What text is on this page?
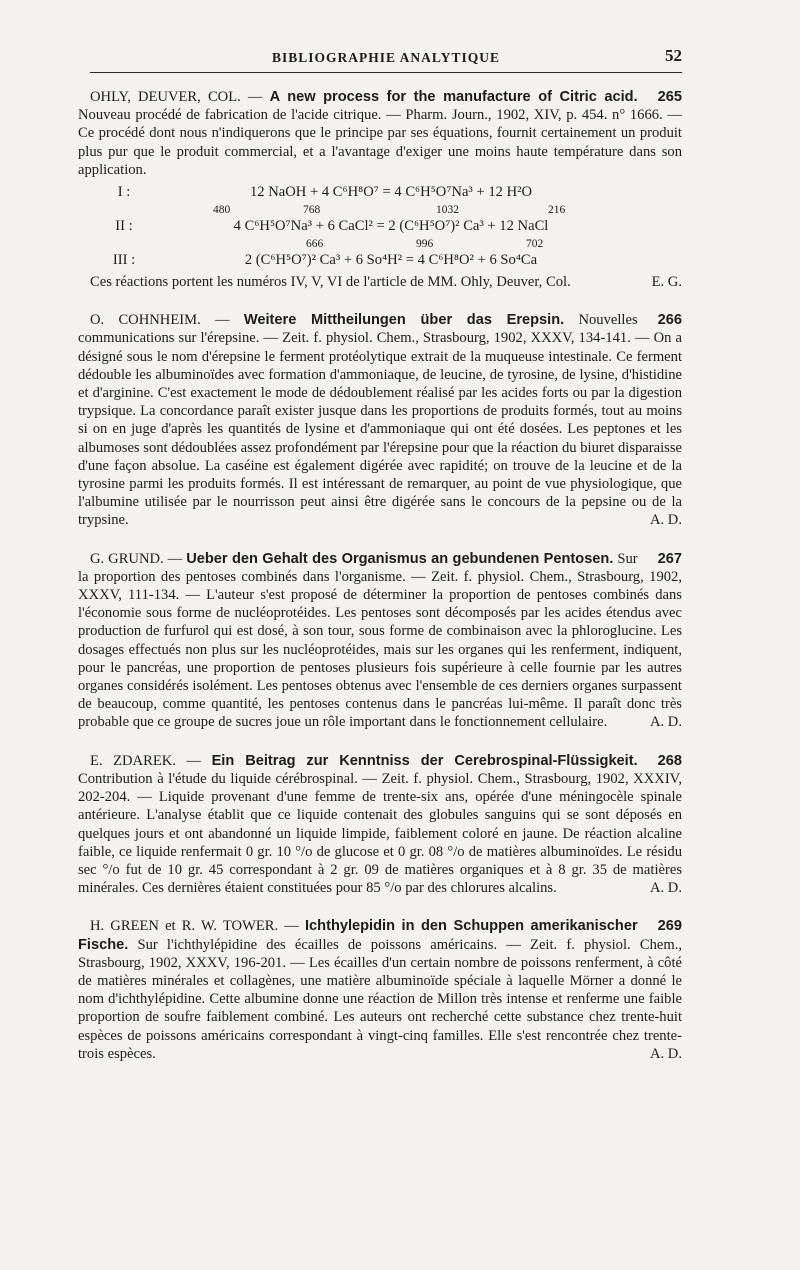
BIBLIOGRAPHIE ANALYTIQUE	52

265
OHLY, DEUVER, COL. — A new process for the manufacture of Citric acid. Nouveau procédé de fabrication de l'acide citrique. — Pharm. Journ., 1902, XIV, p. 454. n° 1666. — Ce procédé dont nous n'indiquerons que le principe par ses équations, fournit certainement un produit plus pur que le produit commercial, et a l'avantage d'exiger une moins haute température dans son application.

I :	12 NaOH + 4 C⁶H⁸O⁷ = 4 C⁶H⁵O⁷Na³ + 12 H²O
480	768	1032	216
II :	4 C⁶H⁵O⁷Na³ + 6 CaCl² = 2 (C⁶H⁵O⁷)² Ca³ + 12 NaCl
666	996	702
III :	2 (C⁶H⁵O⁷)² Ca³ + 6 So⁴H² = 4 C⁶H⁸O² + 6 So⁴Ca

Ces réactions portent les numéros IV, V, VI de l'article de MM. Ohly, Deuver, Col.	E. G.

266
O. COHNHEIM. — Weitere Mittheilungen über das Erepsin. Nouvelles communications sur l'érepsine. — Zeit. f. physiol. Chem., Strasbourg, 1902, XXXV, 134-141. — On a désigné sous le nom d'érepsine le ferment protéolytique extrait de la muqueuse intestinale. Ce ferment dédouble les albuminoïdes avec formation d'ammoniaque, de leucine, de tyrosine, de lysine, d'histidine et d'arginine. C'est exactement le mode de dédoublement réalisé par les acides forts ou par la digestion trypsique. La concordance paraît exister jusque dans les proportions de produits formés, tout au moins si on en juge d'après les quantités de lysine et d'ammoniaque qui ont été dosées. Les peptones et les albumoses sont dédoublées assez profondément par l'érepsine pour que la réaction du biuret disparaisse d'une façon absolue. La caséine est également digérée avec rapidité; on trouve de la leucine et de la tyrosine parmi les produits formés. Il est intéressant de remarquer, au point de vue physiologique, que l'albumine utilisée par le nourrisson peut ainsi être digérée sans le concours de la pepsine ou de la trypsine.	A. D.

267
G. GRUND. — Ueber den Gehalt des Organismus an gebundenen Pentosen. Sur la proportion des pentoses combinés dans l'organisme. — Zeit. f. physiol. Chem., Strasbourg, 1902, XXXV, 111-134. — L'auteur s'est proposé de déterminer la proportion de pentoses combinés dans l'économie sous forme de nucléoprotéides. Les pentoses sont décomposés par les acides étendus avec production de furfurol qui est dosé, à son tour, sous forme de combinaison avec la phloroglucine. Les dosages effectués non plus sur les nucléoprotéides, mais sur les organes qui les renferment, indiquent, pour le pancréas, une proportion de pentoses plusieurs fois supérieure à celle fournie par les autres organes considérés isolément. Les pentoses obtenus avec l'ensemble de ces derniers organes surpassent de beaucoup, comme quantité, les pentoses contenus dans le pancréas lui-même. Il paraît donc très probable que ce groupe de sucres joue un rôle important dans le fonctionnement cellulaire.	A. D.

268
E. ZDAREK. — Ein Beitrag zur Kenntniss der Cerebrospinal-Flüssigkeit. Contribution à l'étude du liquide cérébrospinal. — Zeit. f. physiol. Chem., Strasbourg, 1902, XXXIV, 202-204. — Liquide provenant d'une femme de trente-six ans, opérée d'une méningocèle spinale antérieure. L'analyse établit que ce liquide contenait des globules sanguins qui se sont déposés en quelques jours et ont abandonné un liquide limpide, faiblement coloré en jaune. De réaction alcaline faible, ce liquide renfermait 0 gr. 10 °/o de glucose et 0 gr. 08 °/o de matières albuminoïdes. Le résidu sec °/o fut de 10 gr. 45 correspondant à 2 gr. 09 de matières organiques et à 8 gr. 35 de matières minérales. Ces dernières étaient constituées pour 85 °/o par des chlorures alcalins.	A. D.

269
H. GREEN et R. W. TOWER. — Ichthylepidin in den Schuppen amerikanischer Fische. Sur l'ichthylépidine des écailles de poissons américains. — Zeit. f. physiol. Chem., Strasbourg, 1902, XXXV, 196-201. — Les écailles d'un certain nombre de poissons renferment, à côté de matières minérales et collagènes, une matière albuminoïde spéciale à laquelle Mörner a donné le nom d'ichthylépidine. Cette albumine donne une réaction de Millon très intense et renferme une faible proportion de soufre faiblement combiné. Les auteurs ont recherché cette substance chez trente-huit espèces de poissons américains correspondant à vingt-cinq familles. Elle s'est rencontrée chez trente-trois espèces.	A. D.
